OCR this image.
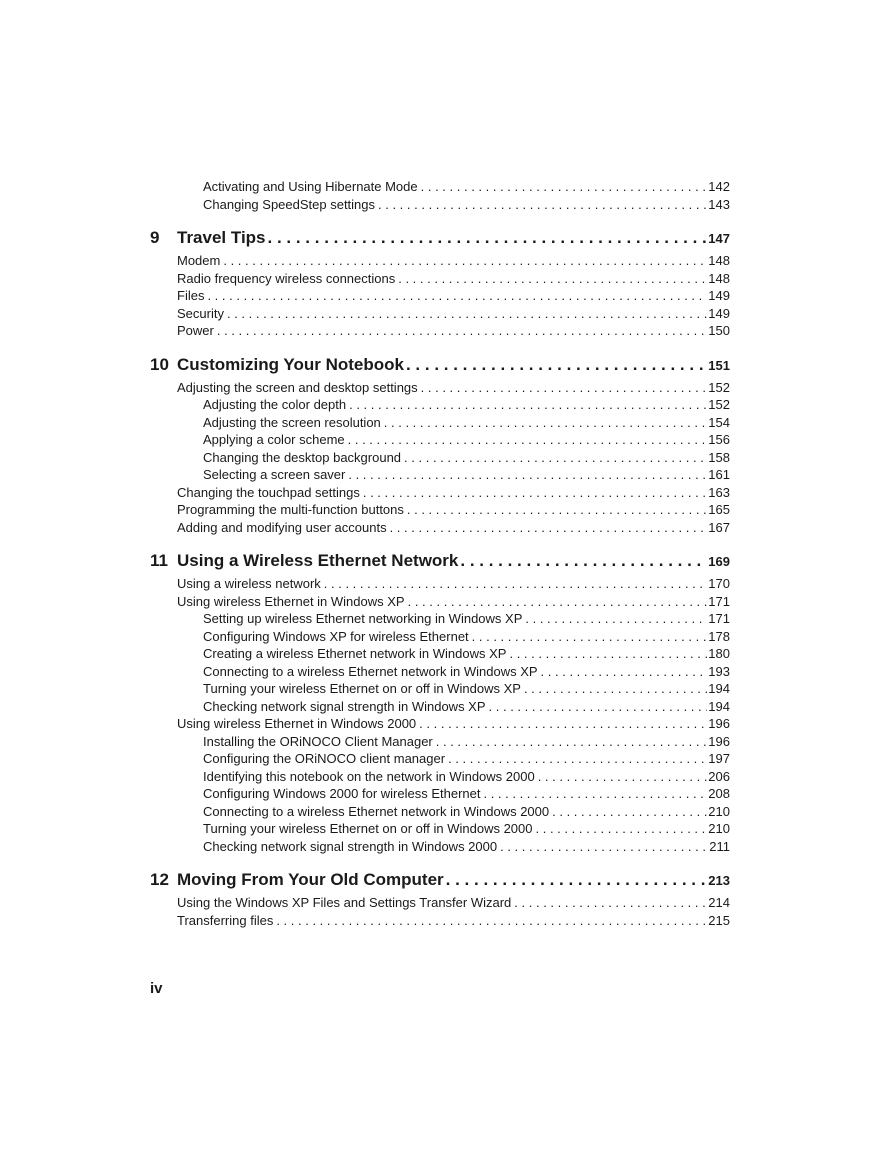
Activating and Using Hibernate Mode . . .	142
Changing SpeedStep settings . . .	143
9	Travel Tips . . .	147
Modem . . .	148
Radio frequency wireless connections . . .	148
Files . . .	149
Security . . .	149
Power . . .	150
10 Customizing Your Notebook . . .	151
Adjusting the screen and desktop settings . . .	152
Adjusting the color depth . . .	152
Adjusting the screen resolution . . .	154
Applying a color scheme . . .	156
Changing the desktop background . . .	158
Selecting a screen saver . . .	161
Changing the touchpad settings . . .	163
Programming the multi-function buttons . . .	165
Adding and modifying user accounts . . .	167
11 Using a Wireless Ethernet Network . . .	169
Using a wireless network . . .	170
Using wireless Ethernet in Windows XP . . .	171
Setting up wireless Ethernet networking in Windows XP . . .	171
Configuring Windows XP for wireless Ethernet . . .	178
Creating a wireless Ethernet network in Windows XP . . .	180
Connecting to a wireless Ethernet network in Windows XP . . .	193
Turning your wireless Ethernet on or off in Windows XP . . .	194
Checking network signal strength in Windows XP . . .	194
Using wireless Ethernet in Windows 2000 . . .	196
Installing the ORiNOCO Client Manager . . .	196
Configuring the ORiNOCO client manager . . .	197
Identifying this notebook on the network in Windows 2000 . . .	206
Configuring Windows 2000 for wireless Ethernet . . .	208
Connecting to a wireless Ethernet network in Windows 2000 . . .	210
Turning your wireless Ethernet on or off in Windows 2000 . . .	210
Checking network signal strength in Windows 2000 . . .	211
12 Moving From Your Old Computer . . .	213
Using the Windows XP Files and Settings Transfer Wizard . . .	214
Transferring files . . .	215
iv
